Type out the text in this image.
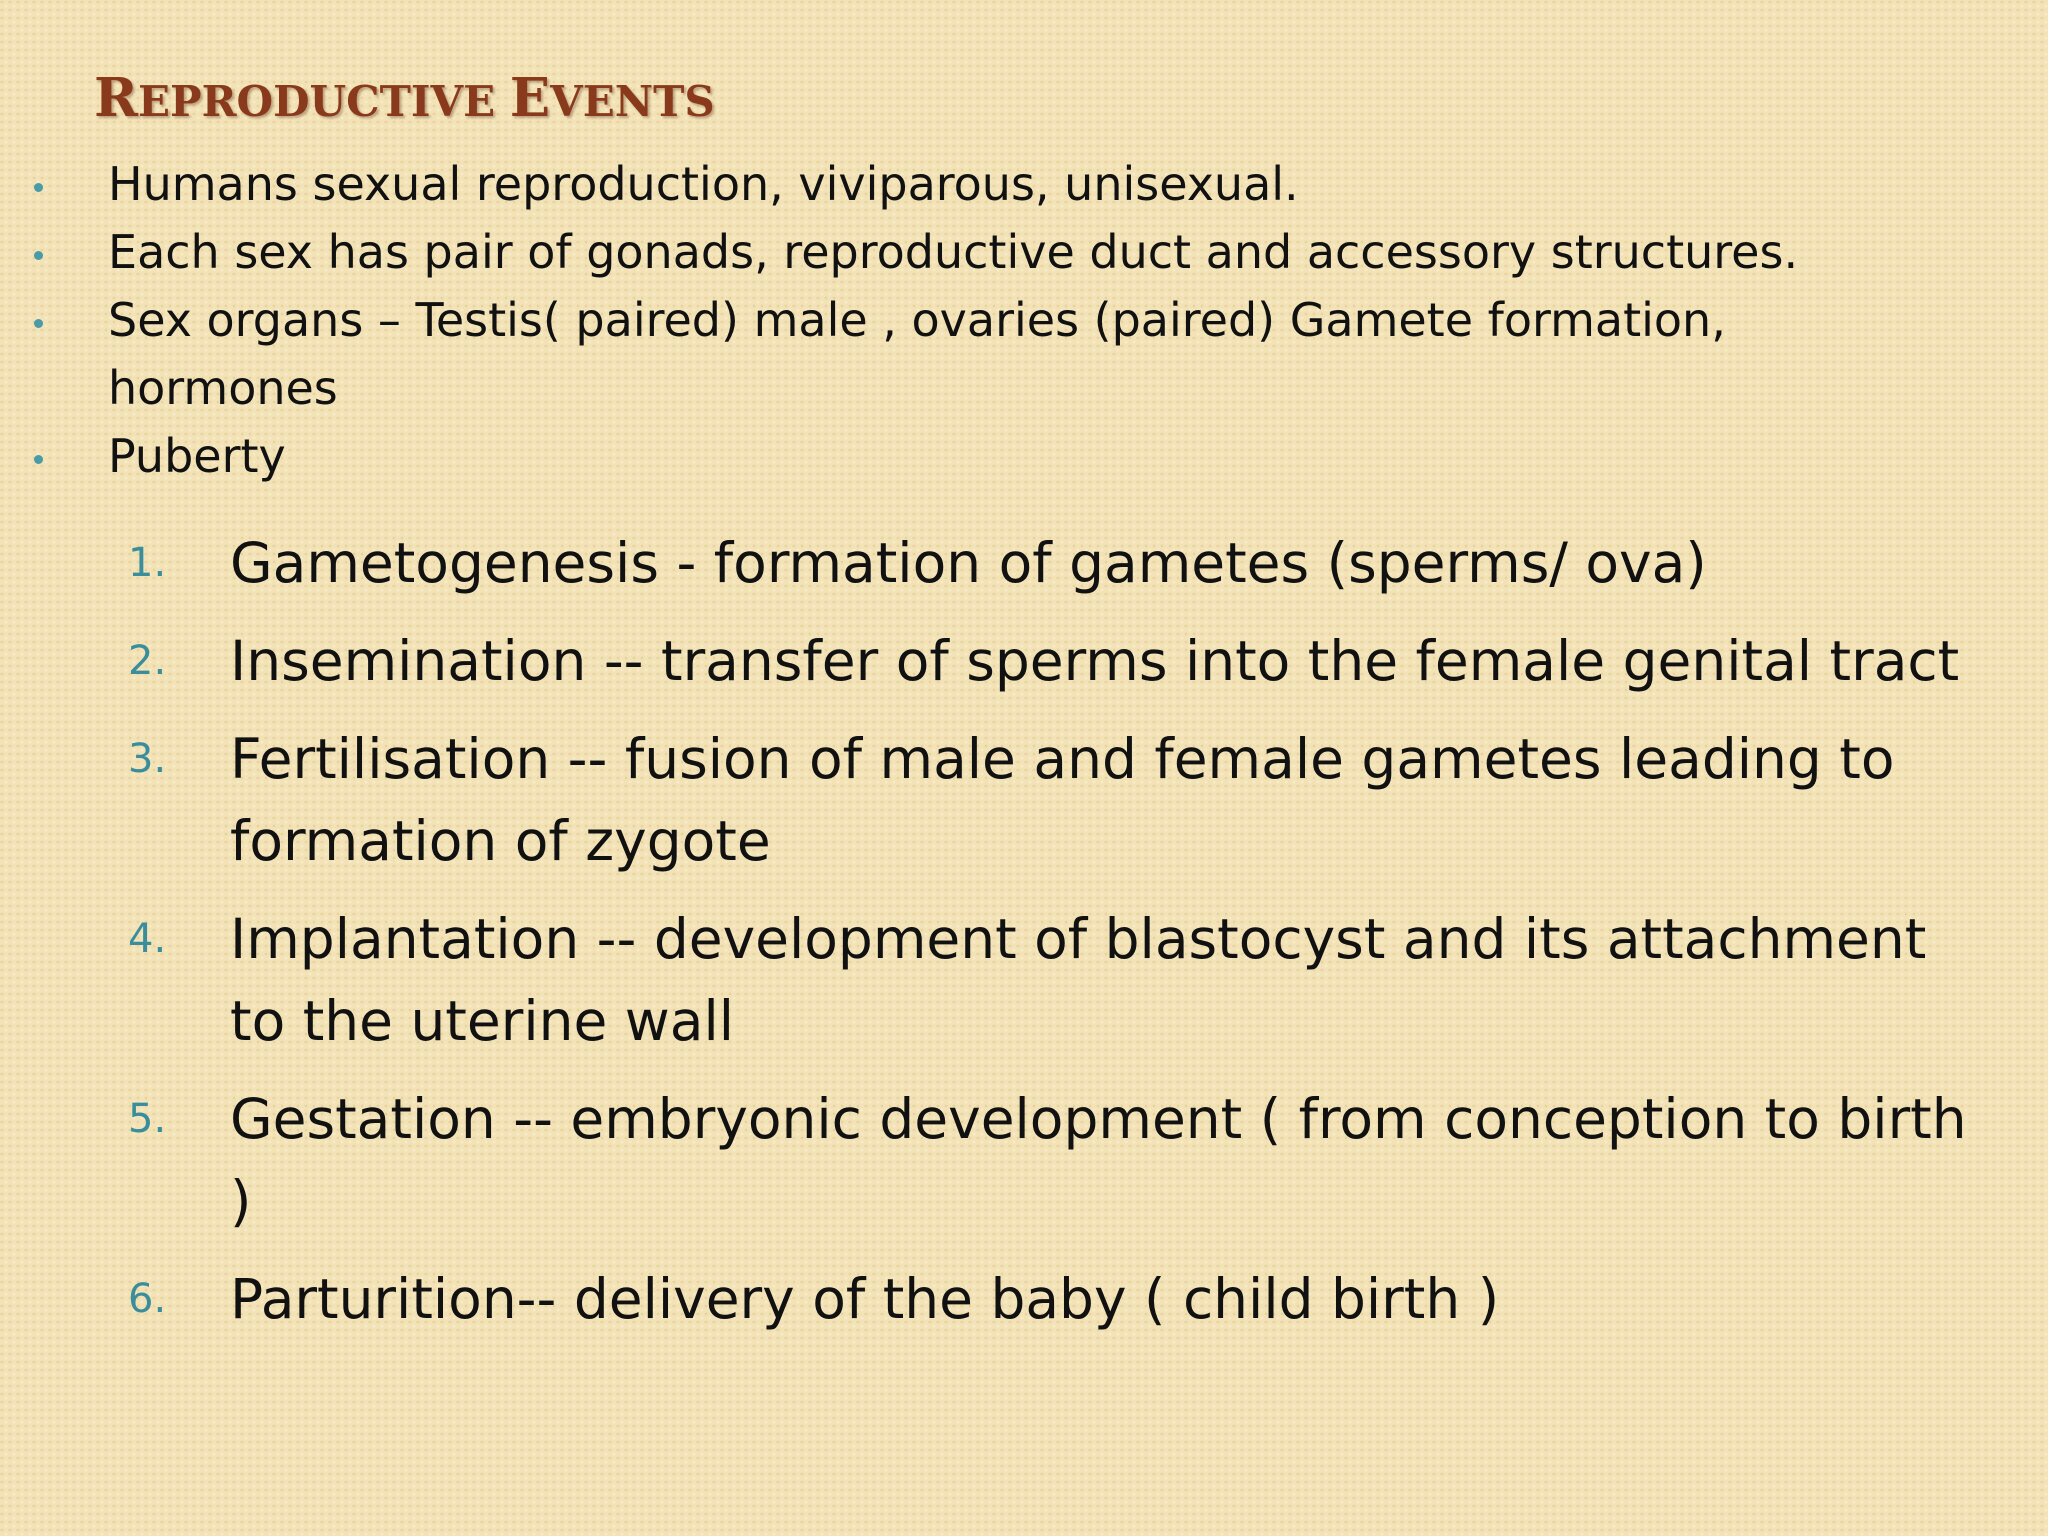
REPRODUCTIVE EVENTS
Humans sexual reproduction, viviparous, unisexual.
Each sex has pair of gonads, reproductive duct and accessory structures.
Sex organs – Testis( paired) male , ovaries (paired) Gamete formation, hormones
Puberty
1. Gametogenesis - formation of gametes (sperms/ ova)
2. Insemination -- transfer of sperms into the female genital tract
3. Fertilisation -- fusion of male and female gametes leading to formation of zygote
4. Implantation -- development of blastocyst and its attachment to the uterine wall
5. Gestation -- embryonic development ( from conception to birth )
6. Parturition-- delivery of the baby ( child birth )
